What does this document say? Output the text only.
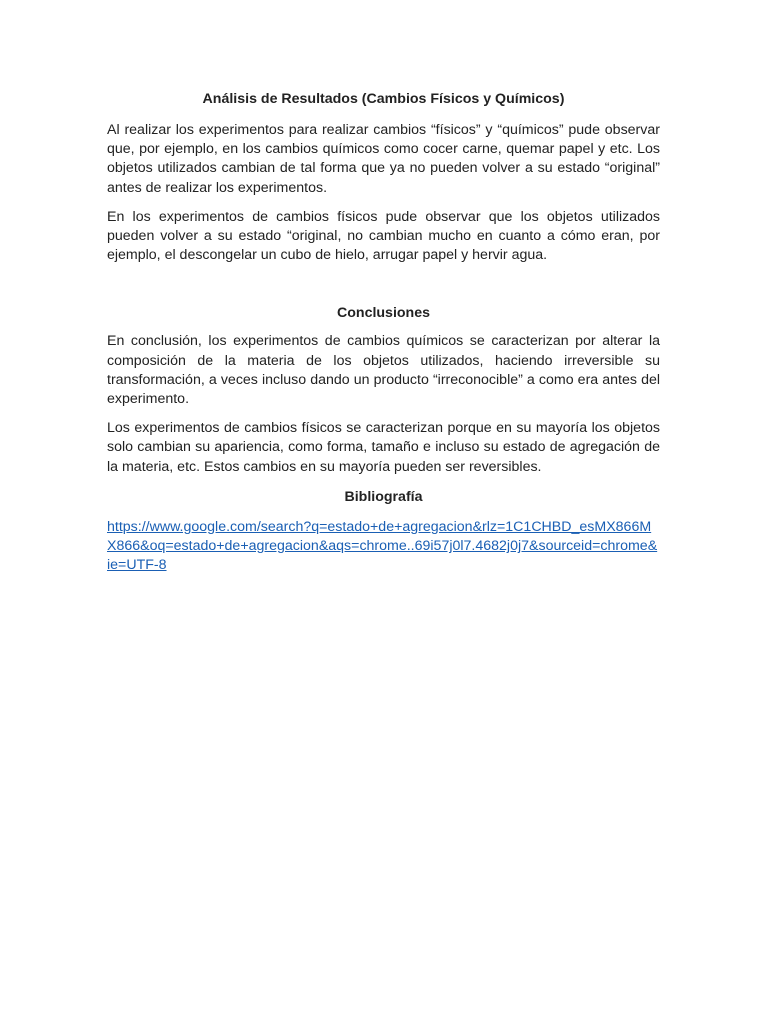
Análisis de Resultados (Cambios Físicos y Químicos)

Al realizar los experimentos para realizar cambios “físicos” y “químicos” pude observar que, por ejemplo, en los cambios químicos como cocer carne, quemar papel y etc. Los objetos utilizados cambian de tal forma que ya no pueden volver a su estado “original” antes de realizar los experimentos.

En los experimentos de cambios físicos pude observar que los objetos utilizados pueden volver a su estado “original, no cambian mucho en cuanto a cómo eran, por ejemplo, el descongelar un cubo de hielo, arrugar papel y hervir agua.

Conclusiones

En conclusión, los experimentos de cambios químicos se caracterizan por alterar la composición de la materia de los objetos utilizados, haciendo irreversible su transformación, a veces incluso dando un producto “irreconocible” a como era antes del experimento.

Los experimentos de cambios físicos se caracterizan porque en su mayoría los objetos solo cambian su apariencia, como forma, tamaño e incluso su estado de agregación de la materia, etc. Estos cambios en su mayoría pueden ser reversibles.

Bibliografía
https://www.google.com/search?q=estado+de+agregacion&rlz=1C1CHBD_esMX866MX866&oq=estado+de+agregacion&aqs=chrome..69i57j0l7.4682j0j7&sourceid=chrome&ie=UTF-8
